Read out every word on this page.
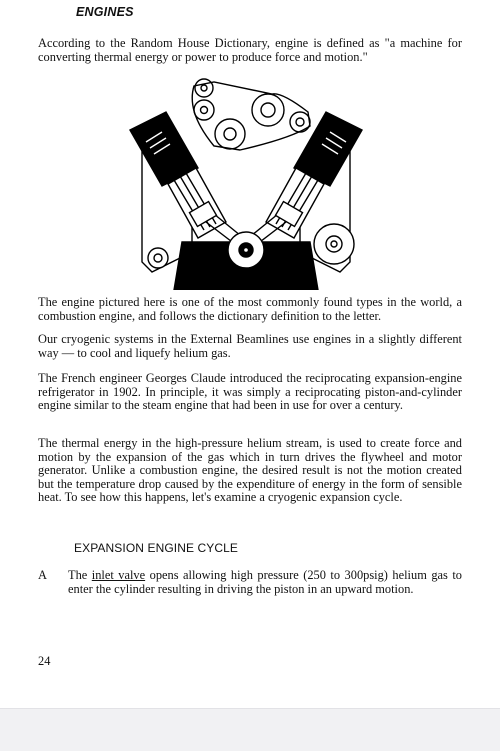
ENGINES

According to the Random House Dictionary, engine is defined as "a machine for converting thermal energy or power to produce force and motion."

The engine pictured here is one of the most commonly found types in the world, a combustion engine, and follows the dictionary definition to the letter.

Our cryogenic systems in the External Beamlines use engines in a slightly different way — to cool and liquefy helium gas.

The French engineer Georges Claude introduced the reciprocating expansion-engine refrigerator in 1902. In principle, it was simply a reciprocating piston-and-cylinder engine similar to the steam engine that had been in use for over a century.

The thermal energy in the high-pressure helium stream, is used to create force and motion by the expansion of the gas which in turn drives the flywheel and motor generator. Unlike a combustion engine, the desired result is not the motion created but the temperature drop caused by the expenditure of energy in the form of sensible heat. To see how this happens, let's examine a cryogenic expansion cycle.

EXPANSION ENGINE CYCLE
A The inlet valve opens allowing high pressure (250 to 300psig) helium gas to enter the cylinder resulting in driving the piston in an upward motion.
24
